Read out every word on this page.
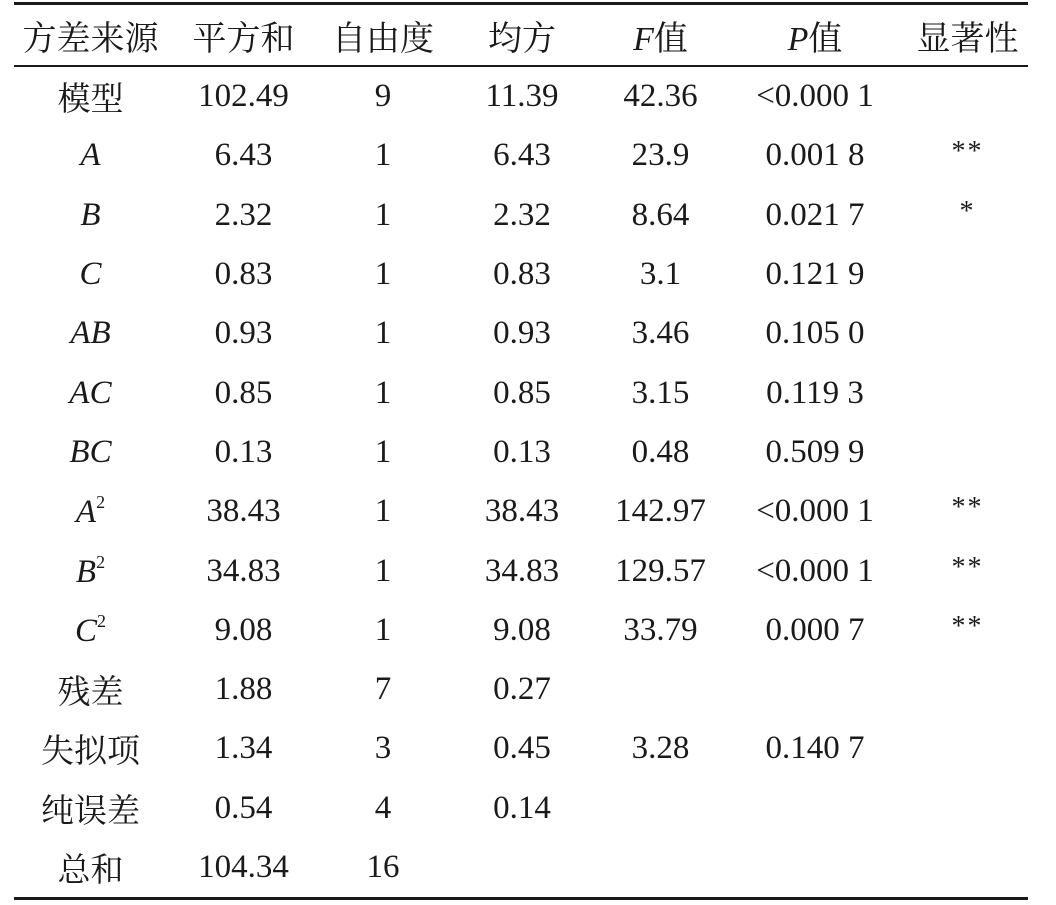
方差来源	平方和	自由度	均方	F值	P值	显著性
模型	102.49	9	11.39	42.36	<0.000 1	
A	6.43	1	6.43	23.9	0.001 8	**
B	2.32	1	2.32	8.64	0.021 7	*
C	0.83	1	0.83	3.1	0.121 9	
AB	0.93	1	0.93	3.46	0.105 0	
AC	0.85	1	0.85	3.15	0.119 3	
BC	0.13	1	0.13	0.48	0.509 9	
$A^2$	38.43	1	38.43	142.97	<0.000 1	**
$B^2$	34.83	1	34.83	129.57	<0.000 1	**
$C^2$	9.08	1	9.08	33.79	0.000 7	**
残差	1.88	7	0.27			
失拟项	1.34	3	0.45	3.28	0.140 7	
纯误差	0.54	4	0.14			
总和	104.34	16				
